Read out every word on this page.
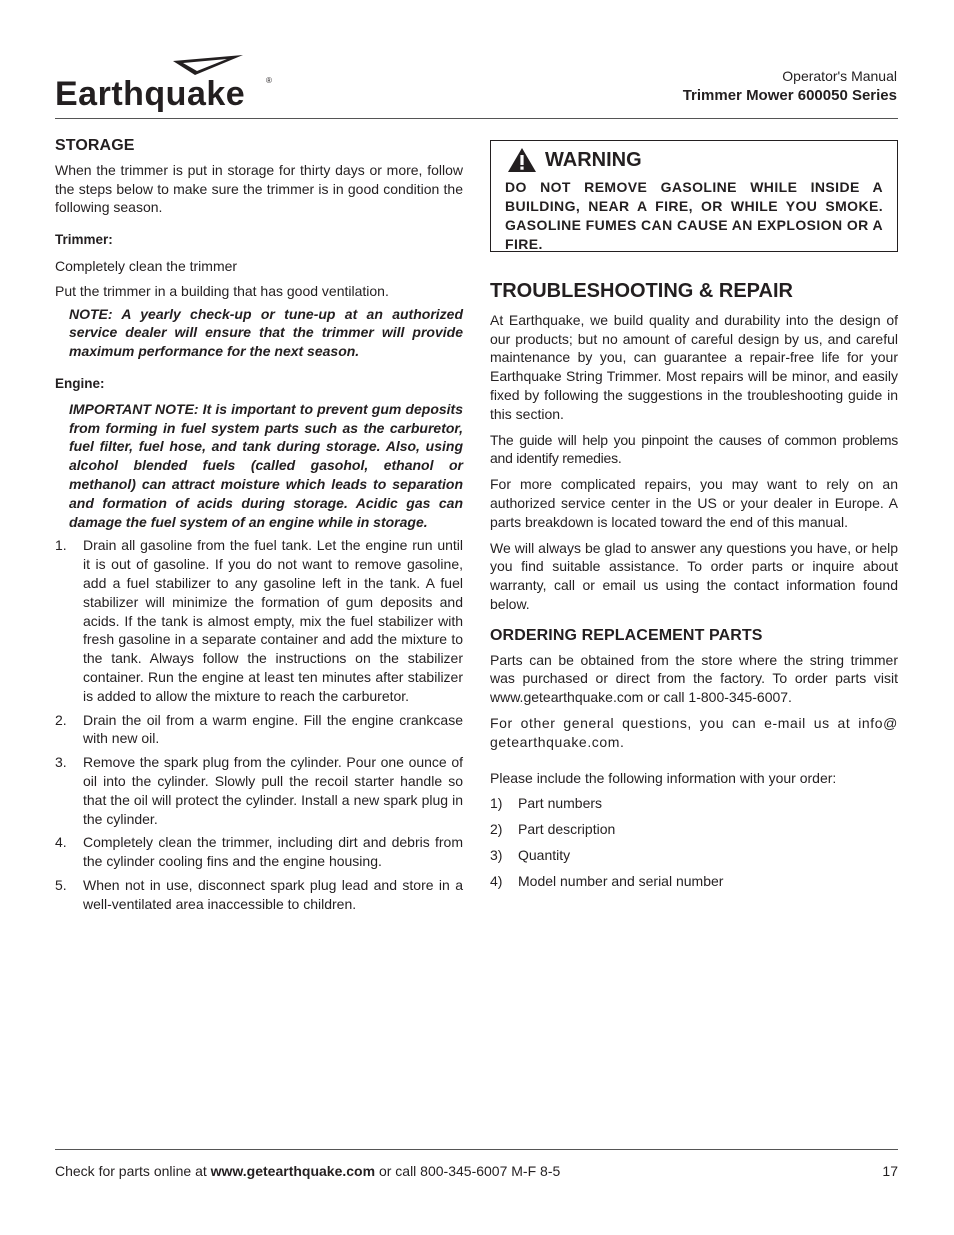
Earthquake	®	Operator's Manual
Trimmer Mower 600050 Series
STORAGE

When the trimmer is put in storage for thirty days or more, follow the steps below to make sure the trimmer is in good condition the following season.

Trimmer:

Completely clean the trimmer

Put the trimmer in a building that has good ventilation.

NOTE: A yearly check-up or tune-up at an authorized service dealer will ensure that the trimmer will provide maximum performance for the next season.

Engine:

IMPORTANT NOTE: It is important to prevent gum deposits from forming in fuel system parts such as the carburetor, fuel filter, fuel hose, and tank during storage. Also, using alcohol blended fuels (called gasohol, ethanol or methanol) can attract moisture which leads to separation and formation of acids during storage. Acidic gas can damage the fuel system of an engine while in storage.

1. Drain all gasoline from the fuel tank. Let the engine run until it is out of gasoline. If you do not want to remove gasoline, add a fuel stabilizer to any gasoline left in the tank. A fuel stabilizer will minimize the formation of gum deposits and acids. If the tank is almost empty, mix the fuel stabilizer with fresh gasoline in a separate container and add the mixture to the tank. Always follow the instructions on the stabilizer container. Run the engine at least ten minutes after stabilizer is added to allow the mixture to reach the carburetor.
2. Drain the oil from a warm engine. Fill the engine crankcase with new oil.
3. Remove the spark plug from the cylinder. Pour one ounce of oil into the cylinder. Slowly pull the recoil starter handle so that the oil will protect the cylinder. Install a new spark plug in the cylinder.
4. Completely clean the trimmer, including dirt and debris from the cylinder cooling fins and the engine housing.
5. When not in use, disconnect spark plug lead and store in a well-ventilated area inaccessible to children.
WARNING

DO NOT REMOVE GASOLINE WHILE INSIDE A BUILDING, NEAR A FIRE, OR WHILE YOU SMOKE. GASOLINE FUMES CAN CAUSE AN EXPLOSION OR A FIRE.

TROUBLESHOOTING & REPAIR

At Earthquake, we build quality and durability into the design of our products; but no amount of careful design by us, and careful maintenance by you, can guarantee a repair-free life for your Earthquake String Trimmer. Most repairs will be minor, and easily fixed by following the suggestions in the troubleshooting guide in this section.

The guide will help you pinpoint the causes of common problems and identify remedies.

For more complicated repairs, you may want to rely on an authorized service center in the US or your dealer in Europe. A parts breakdown is located toward the end of this manual.

We will always be glad to answer any questions you have, or help you find suitable assistance. To order parts or inquire about warranty, call or email us using the contact information found below.

ORDERING REPLACEMENT PARTS

Parts can be obtained from the store where the string trimmer was purchased or direct from the factory. To order parts visit www.getearthquake.com or call 1-800-345-6007.

For other general questions, you can e-mail us at info@ getearthquake.com.

Please include the following information with your order:

1) Part numbers
2) Part description
3) Quantity
4) Model number and serial number
Check for parts online at www.getearthquake.com or call 800-345-6007 M-F 8-5	17
